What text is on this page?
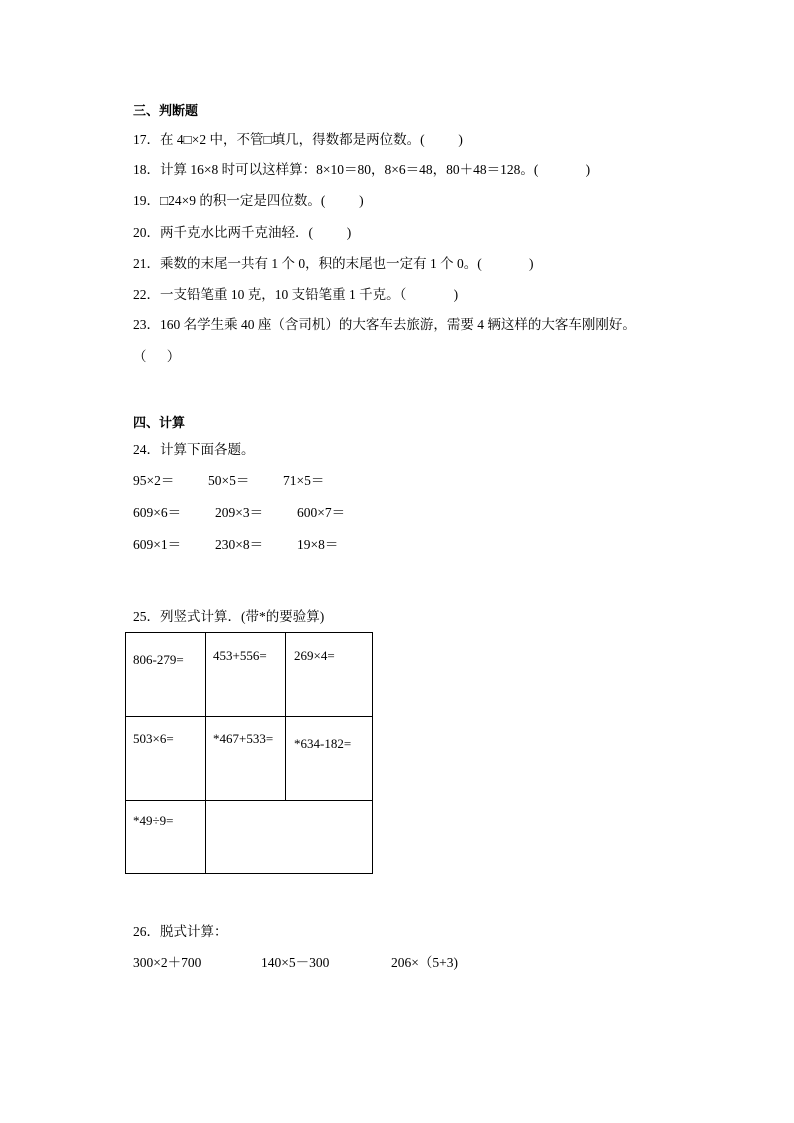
三、判断题
17．在 4□×2 中，不管□填几，得数都是两位数。(          )
18．计算 16×8 时可以这样算：8×10＝80，8×6＝48，80＋48＝128。(              )
19．□24×9 的积一定是四位数。(          )
20．两千克水比两千克油轻．(          )
21．乘数的末尾一共有 1 个 0，积的末尾也一定有 1 个 0。(              )
22．一支铅笔重 10 克，10 支铅笔重 1 千克。（              )
23．160 名学生乘 40 座（含司机）的大客车去旅游，需要 4 辆这样的大客车刚刚好。
（      ）
四、计算
24．计算下面各题。
95×2＝ 50×5＝ 71×5＝
609×6＝	209×3＝	600×7＝
609×1＝	230×8＝	19×8＝
25．列竖式计算．(带*的要验算)
806-279= 453+556= 269×4=
503×6=	*467+533= *634-182=
*49÷9=
26．脱式计算：
300×2＋700	140×5－300	206×（5+3)
